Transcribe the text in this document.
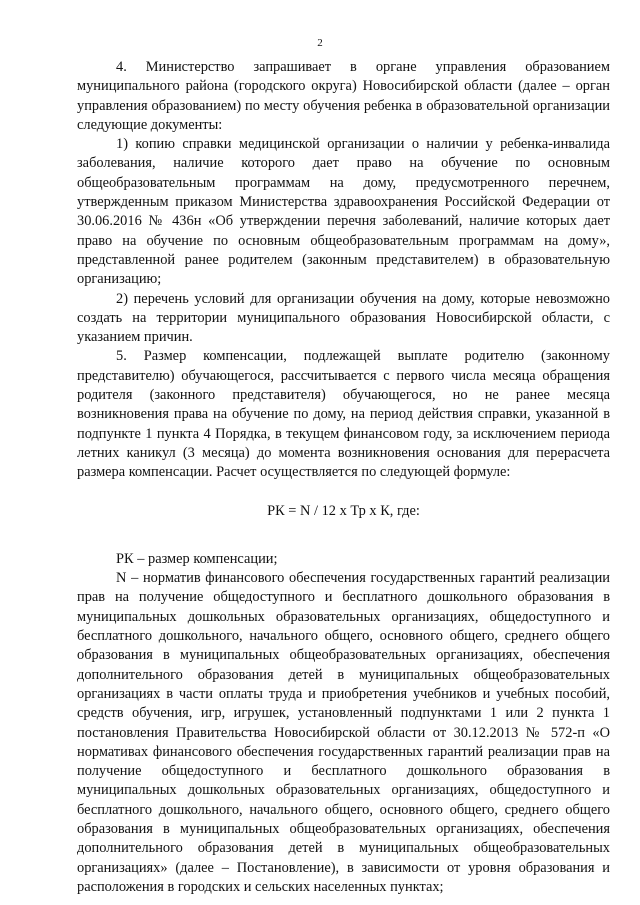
2

4. Министерство запрашивает в органе управления образованием муниципального района (городского округа) Новосибирской области (далее – орган управления образованием) по месту обучения ребенка в образовательной организации следующие документы:

1) копию справки медицинской организации о наличии у ребенка-инвалида заболевания, наличие которого дает право на обучение по основным общеобразовательным программам на дому, предусмотренного перечнем, утвержденным приказом Министерства здравоохранения Российской Федерации от 30.06.2016 № 436н «Об утверждении перечня заболеваний, наличие которых дает право на обучение по основным общеобразовательным программам на дому», представленной ранее родителем (законным представителем) в образовательную организацию;

2) перечень условий для организации обучения на дому, которые невозможно создать на территории муниципального образования Новосибирской области, с указанием причин.

5. Размер компенсации, подлежащей выплате родителю (законному представителю) обучающегося, рассчитывается с первого числа месяца обращения родителя (законного представителя) обучающегося, но не ранее месяца возникновения права на обучение по дому, на период действия справки, указанной в подпункте 1 пункта 4 Порядка, в текущем финансовом году, за исключением периода летних каникул (3 месяца) до момента возникновения основания для перерасчета размера компенсации. Расчет осуществляется по следующей формуле:

РК = N / 12 x Тр x К, где:

РК – размер компенсации;

N – норматив финансового обеспечения государственных гарантий реализации прав на получение общедоступного и бесплатного дошкольного образования в муниципальных дошкольных образовательных организациях, общедоступного и бесплатного дошкольного, начального общего, основного общего, среднего общего образования в муниципальных общеобразовательных организациях, обеспечения дополнительного образования детей в муниципальных общеобразовательных организациях в части оплаты труда и приобретения учебников и учебных пособий, средств обучения, игр, игрушек, установленный подпунктами 1 или 2 пункта 1 постановления Правительства Новосибирской области от 30.12.2013 № 572-п «О нормативах финансового обеспечения государственных гарантий реализации прав на получение общедоступного и бесплатного дошкольного образования в муниципальных дошкольных образовательных организациях, общедоступного и бесплатного дошкольного, начального общего, основного общего, среднего общего образования в муниципальных общеобразовательных организациях, обеспечения дополнительного образования детей в муниципальных общеобразовательных организациях» (далее – Постановление), в зависимости от уровня образования и расположения в городских и сельских населенных пунктах;
